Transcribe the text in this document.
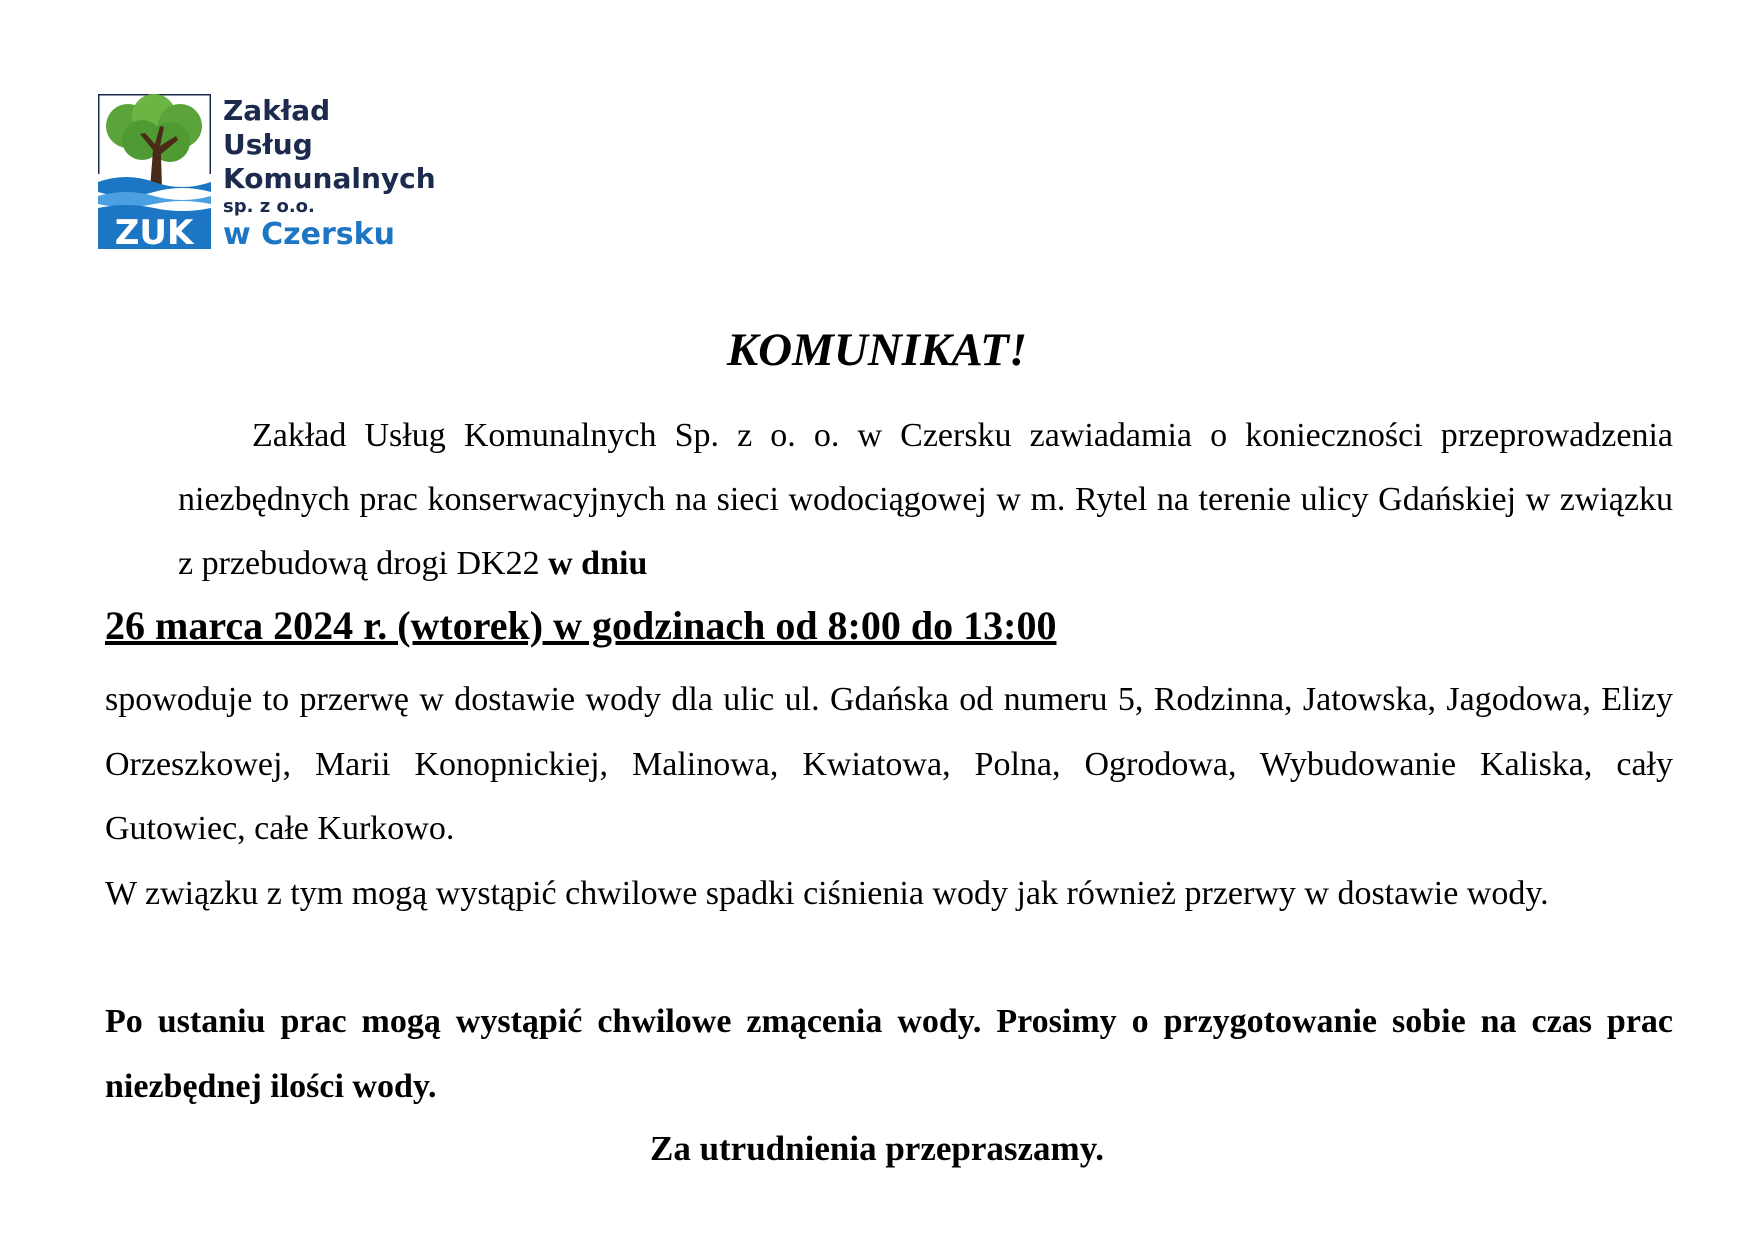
ZUK
Zakład
Usług
Komunalnych
sp. z o.o.
w Czersku
KOMUNIKAT!

Zakład Usług Komunalnych Sp. z o. o. w Czersku zawiadamia o konieczności przeprowadzenia niezbędnych prac konserwacyjnych na sieci wodociągowej w m. Rytel na terenie ulicy Gdańskiej w związku z przebudową drogi DK22 w dniu

26 marca 2024 r. (wtorek) w godzinach od 8:00 do 13:00

spowoduje to przerwę w dostawie wody dla ulic ul. Gdańska od numeru 5, Rodzinna, Jatowska, Jagodowa, Elizy Orzeszkowej, Marii Konopnickiej, Malinowa, Kwiatowa, Polna, Ogrodowa, Wybudowanie Kaliska, cały Gutowiec, całe Kurkowo.

W związku z tym mogą wystąpić chwilowe spadki ciśnienia wody jak również przerwy w dostawie wody.

Po ustaniu prac mogą wystąpić chwilowe zmącenia wody. Prosimy o przygotowanie sobie na czas prac niezbędnej ilości wody.

Za utrudnienia przepraszamy.
